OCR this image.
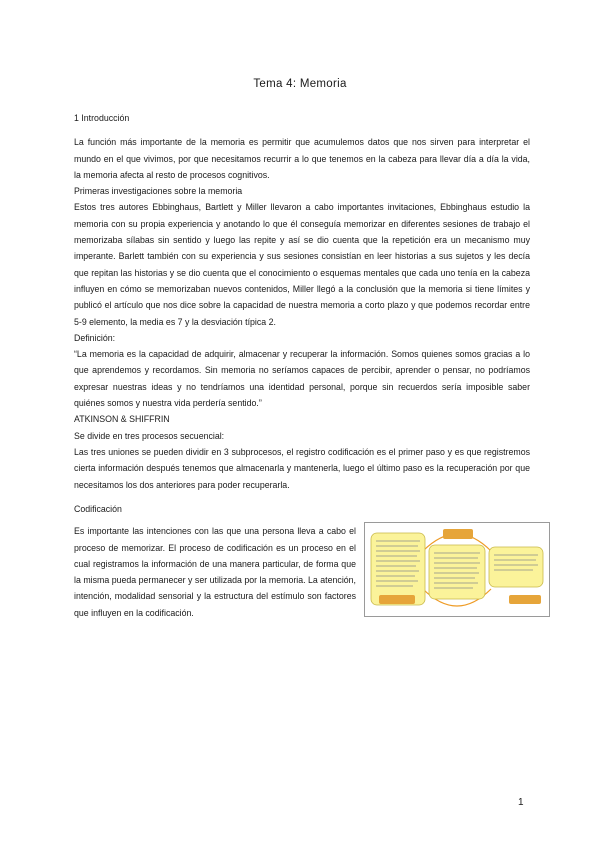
Tema 4: Memoria

1 Introducción

La función más importante de la memoria es permitir que acumulemos datos que nos sirven para interpretar el mundo en el que vivimos, por que necesitamos recurrir a lo que tenemos en la cabeza para llevar día a día la vida, la memoria afecta al resto de procesos cognitivos.

Primeras investigaciones sobre la memoria

Estos tres autores Ebbinghaus, Bartlett y Miller llevaron a cabo importantes invitaciones, Ebbinghaus estudio la memoria con su propia experiencia y anotando lo que él conseguía memorizar en diferentes sesiones de trabajo el memorizaba sílabas sin sentido y luego las repite y así se dio cuenta que la repetición era un mecanismo muy imperante. Barlett también con su experiencia y sus sesiones consistían en leer historias a sus sujetos y les decía que repitan las historias y se dio cuenta que el conocimiento o esquemas mentales que cada uno tenía en la cabeza influyen en cómo se memorizaban nuevos contenidos, Miller llegó a la conclusión que la memoria si tiene límites y publicó el artículo que nos dice sobre la capacidad de nuestra memoria a corto plazo y que podemos recordar entre 5-9 elemento, la media es 7 y la desviación típica 2.

Definición:

“La memoria es la capacidad de adquirir, almacenar y recuperar la información. Somos quienes somos gracias a lo que aprendemos y recordamos. Sin memoria no seríamos capaces de percibir, aprender o pensar, no podríamos expresar nuestras ideas y no tendríamos una identidad personal, porque sin recuerdos sería imposible saber quiénes somos y nuestra vida perdería sentido.”

ATKINSON & SHIFFRIN

Se divide en tres procesos secuencial:

Las tres uniones se pueden dividir en 3 subprocesos, el registro codificación es el primer paso y es que registremos cierta información después tenemos que almacenarla y mantenerla, luego el último paso es la recuperación por que necesitamos los dos anteriores para poder recuperarla.

Codificación

Es importante las intenciones con las que una persona lleva a cabo el proceso de memorizar. El proceso de codificación es un proceso en el cual registramos la información de una manera particular, de forma que la misma pueda permanecer y ser utilizada por la memoria. La atención, intención, modalidad sensorial y la estructura del estímulo son factores que influyen en la codificación.

1
